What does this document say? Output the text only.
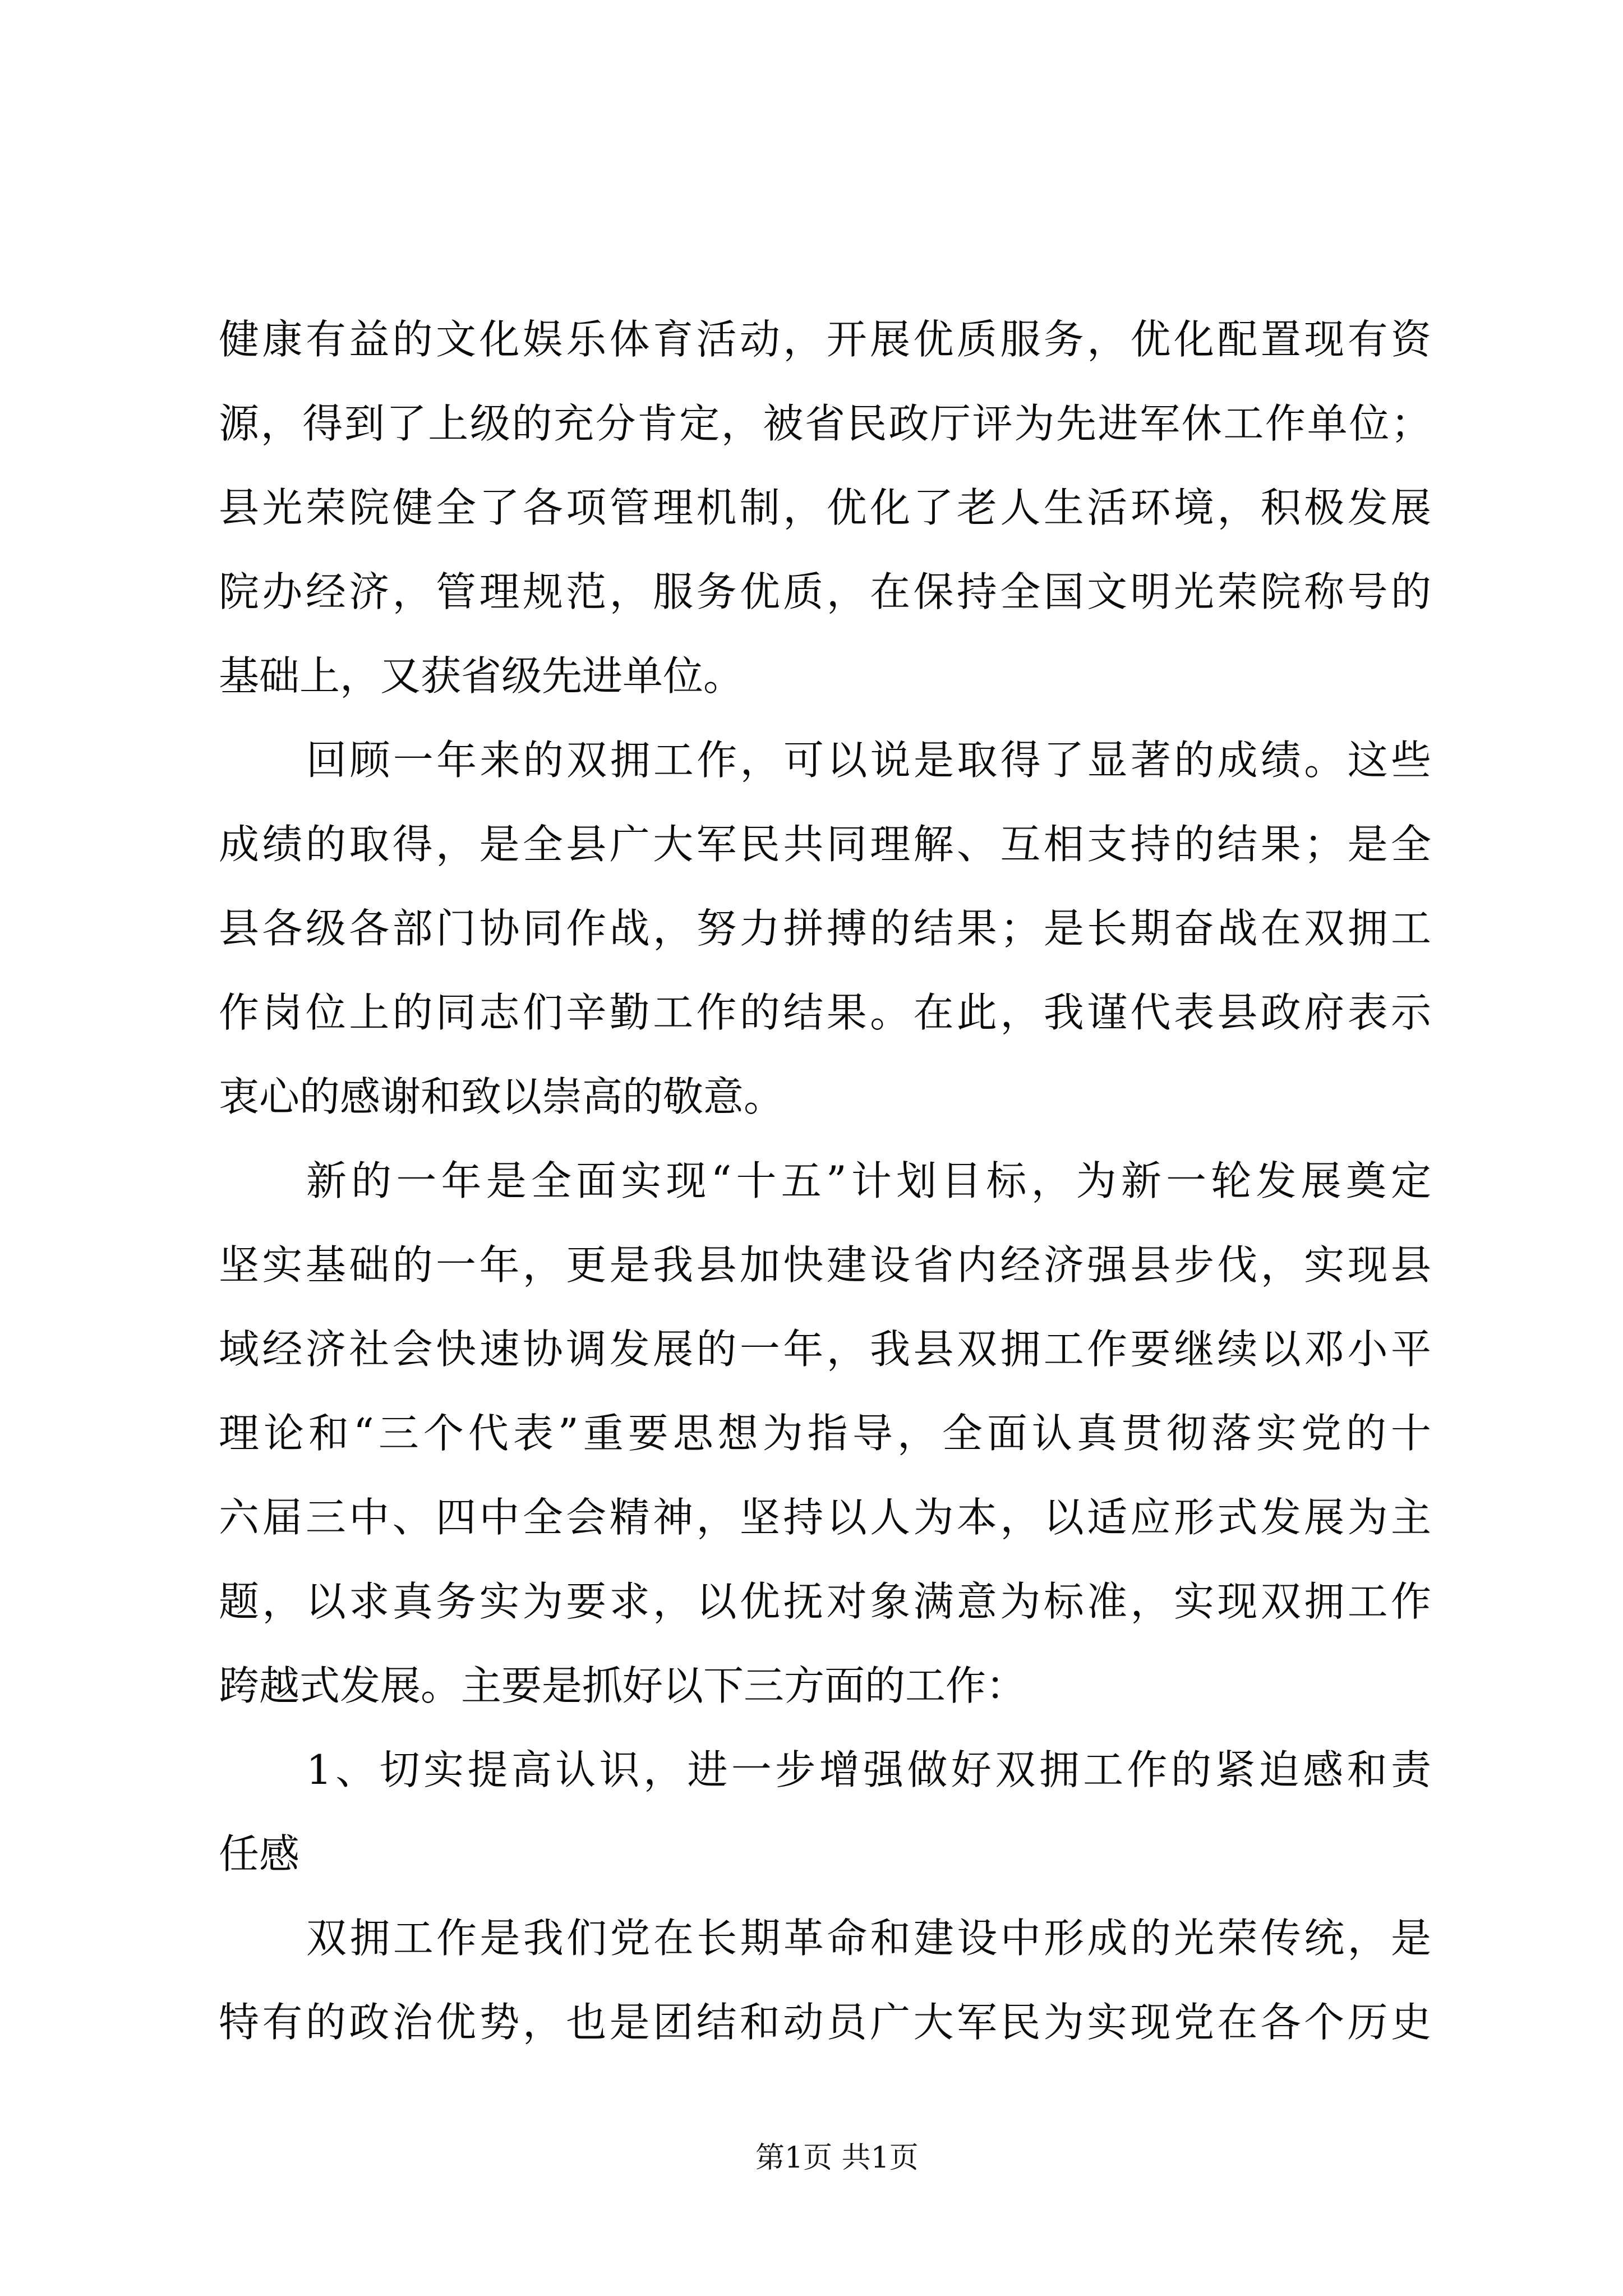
健康有益的文化娱乐体育活动，开展优质服务，优化配置现有资
源，得到了上级的充分肯定，被省民政厅评为先进军休工作单位；
县光荣院健全了各项管理机制，优化了老人生活环境，积极发展
院办经济，管理规范，服务优质，在保持全国文明光荣院称号的
基础上，又获省级先进单位。
回顾一年来的双拥工作，可以说是取得了显著的成绩。这些
成绩的取得，是全县广大军民共同理解、互相支持的结果；是全
县各级各部门协同作战，努力拼搏的结果；是长期奋战在双拥工
作岗位上的同志们辛勤工作的结果。在此，我谨代表县政府表示
衷心的感谢和致以崇高的敬意。
新的一年是全面实现“十五”计划目标，为新一轮发展奠定
坚实基础的一年，更是我县加快建设省内经济强县步伐，实现县
域经济社会快速协调发展的一年，我县双拥工作要继续以邓小平
理论和“三个代表”重要思想为指导，全面认真贯彻落实党的十
六届三中、四中全会精神，坚持以人为本，以适应形式发展为主
题，以求真务实为要求，以优抚对象满意为标准，实现双拥工作
跨越式发展。主要是抓好以下三方面的工作：
1、切实提高认识，进一步增强做好双拥工作的紧迫感和责
任感
双拥工作是我们党在长期革命和建设中形成的光荣传统，是
特有的政治优势，也是团结和动员广大军民为实现党在各个历史
第1页 共1页
